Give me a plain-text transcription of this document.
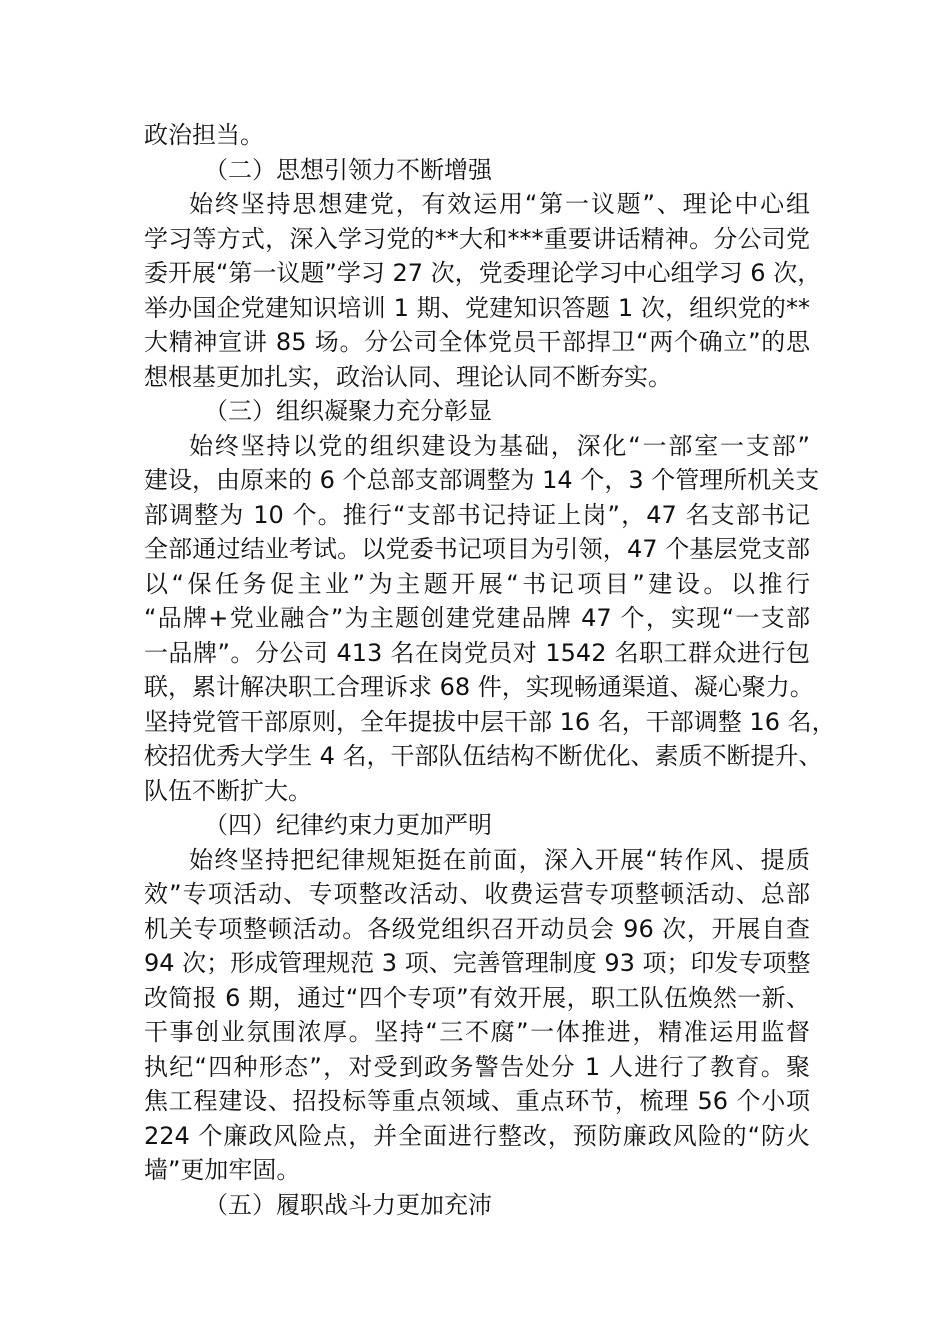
政治担当。
（二）思想引领力不断增强
始终坚持思想建党，有效运用“第一议题”、理论中心组
学习等方式，深入学习党的**大和***重要讲话精神。分公司党
委开展“第一议题”学习 27 次，党委理论学习中心组学习 6 次，
举办国企党建知识培训 1 期、党建知识答题 1 次，组织党的**
大精神宣讲 85 场。分公司全体党员干部捍卫“两个确立”的思
想根基更加扎实，政治认同、理论认同不断夯实。
（三）组织凝聚力充分彰显
始终坚持以党的组织建设为基础，深化“一部室一支部”
建设，由原来的 6 个总部支部调整为 14 个，3 个管理所机关支
部调整为 10 个。推行“支部书记持证上岗”，47 名支部书记
全部通过结业考试。以党委书记项目为引领，47 个基层党支部
以“保任务促主业”为主题开展“书记项目”建设。以推行
“品牌+党业融合”为主题创建党建品牌 47 个，实现“一支部
一品牌”。分公司 413 名在岗党员对 1542 名职工群众进行包
联，累计解决职工合理诉求 68 件，实现畅通渠道、凝心聚力。
坚持党管干部原则，全年提拔中层干部 16 名，干部调整 16 名，
校招优秀大学生 4 名，干部队伍结构不断优化、素质不断提升、
队伍不断扩大。
（四）纪律约束力更加严明
始终坚持把纪律规矩挺在前面，深入开展“转作风、提质
效”专项活动、专项整改活动、收费运营专项整顿活动、总部
机关专项整顿活动。各级党组织召开动员会 96 次，开展自查
94 次；形成管理规范 3 项、完善管理制度 93 项；印发专项整
改简报 6 期，通过“四个专项”有效开展，职工队伍焕然一新、
干事创业氛围浓厚。坚持“三不腐”一体推进，精准运用监督
执纪“四种形态”，对受到政务警告处分 1 人进行了教育。聚
焦工程建设、招投标等重点领域、重点环节，梳理 56 个小项
224 个廉政风险点，并全面进行整改，预防廉政风险的“防火
墙”更加牢固。
（五）履职战斗力更加充沛
